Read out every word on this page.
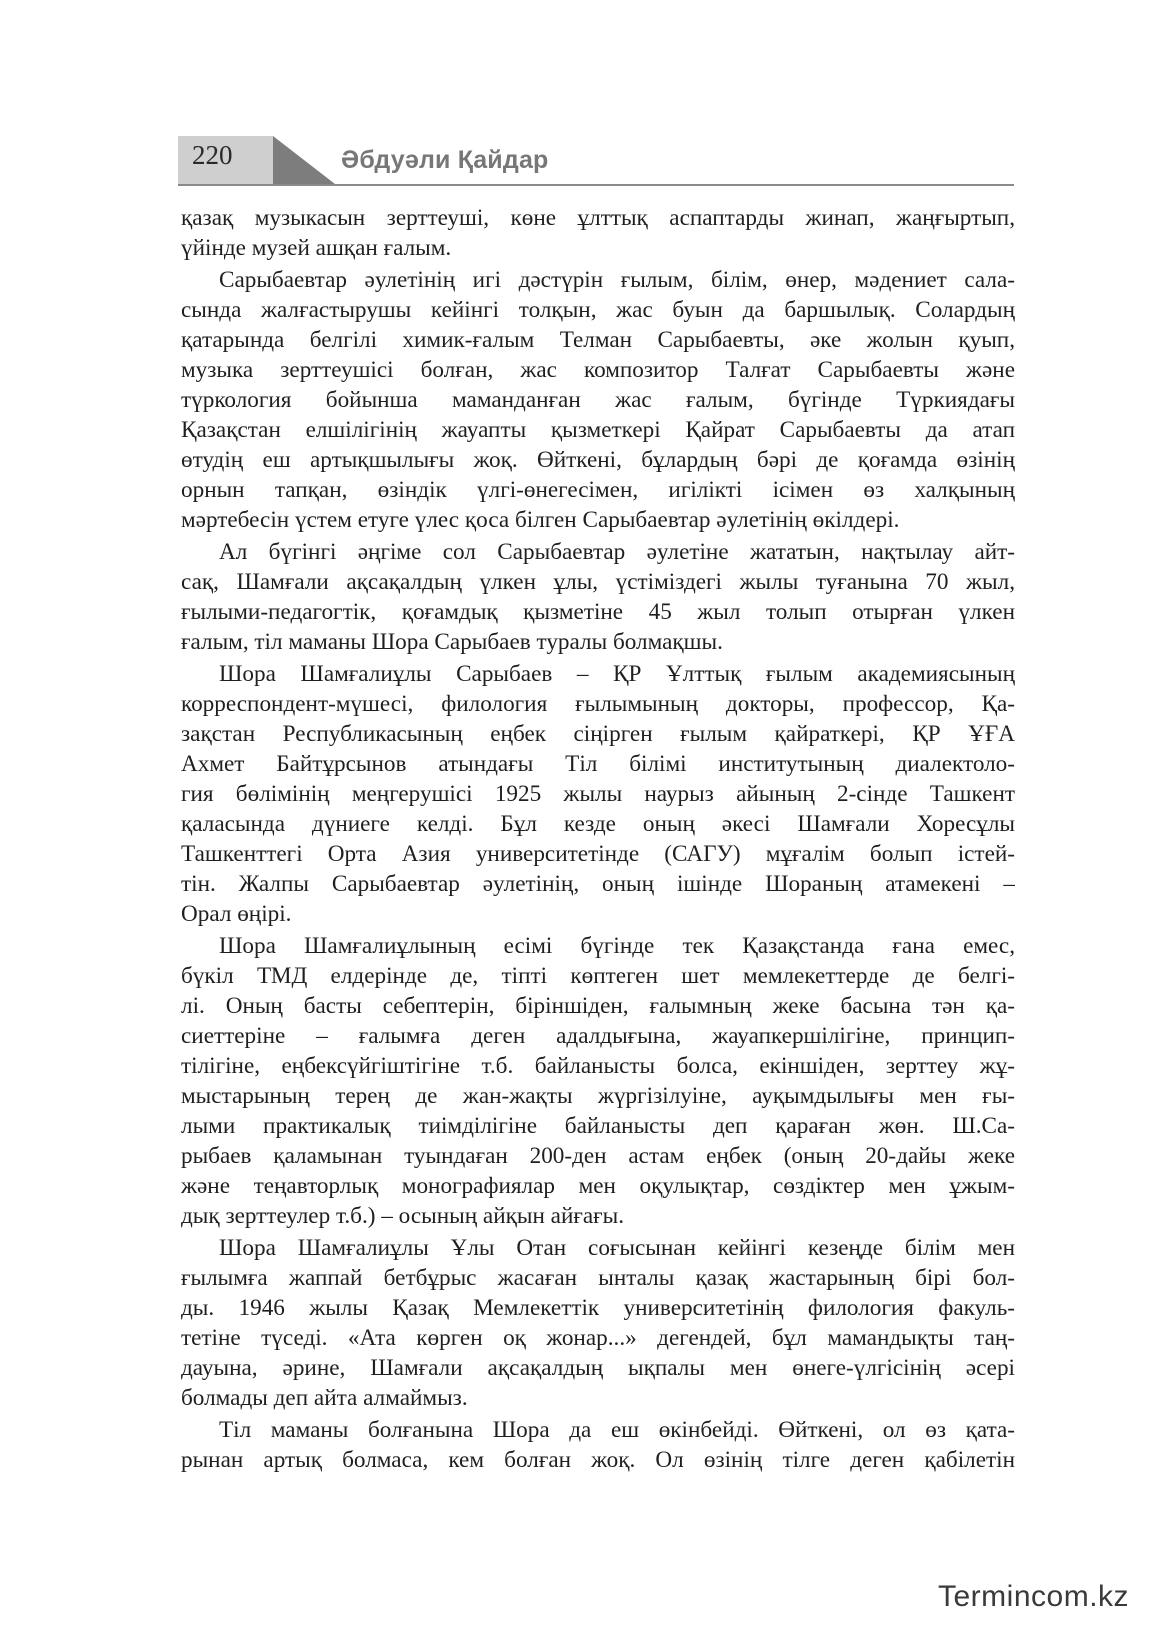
220	Әбдуәли Қайдар
қазақ музыкасын зерттеуші, көне ұлттық аспаптарды жинап, жаңғыртып,
үйінде музей ашқан ғалым.
Сарыбаевтар әулетінің игі дәстүрін ғылым, білім, өнер, мәдениет сала-
сында жалғастырушы кейінгі толқын, жас буын да баршылық. Солардың
қатарында белгілі химик-ғалым Телман Сарыбаевты, әке жолын қуып,
музыка зерттеушісі болған, жас композитор Талғат Сарыбаевты және
түркология бойынша маманданған жас ғалым, бүгінде Түркиядағы
Қазақстан елшілігінің жауапты қызметкері Қайрат Сарыбаевты да атап
өтудің еш артықшылығы жоқ. Өйткені, бұлардың бәрі де қоғамда өзінің
орнын тапқан, өзіндік үлгі-өнегесімен, игілікті ісімен өз халқының
мәртебесін үстем етуге үлес қоса білген Сарыбаевтар әулетінің өкілдері.
Ал бүгінгі әңгіме сол Сарыбаевтар әулетіне жататын, нақтылау айт-
сақ, Шамғали ақсақалдың үлкен ұлы, үстіміздегі жылы туғанына 70 жыл,
ғылыми-педагогтік, қоғамдық қызметіне 45 жыл толып отырған үлкен
ғалым, тіл маманы Шора Сарыбаев туралы болмақшы.
Шора Шамғалиұлы Сарыбаев – ҚР Ұлттық ғылым академиясының
корреспондент-мүшесі, филология ғылымының докторы, профессор, Қа-
зақстан Республикасының еңбек сіңірген ғылым қайраткері, ҚР ҰҒА
Ахмет Байтұрсынов атындағы Тіл білімі институтының диалектоло-
гия бөлімінің меңгерушісі 1925 жылы наурыз айының 2-сінде Ташкент
қаласында дүниеге келді. Бұл кезде оның әкесі Шамғали Хоресұлы
Ташкенттегі Орта Азия университетінде (САГУ) мұғалім болып істей-
тін. Жалпы Сарыбаевтар әулетінің, оның ішінде Шораның атамекені –
Орал өңірі.
Шора Шамғалиұлының есімі бүгінде тек Қазақстанда ғана емес,
бүкіл ТМД елдерінде де, тіпті көптеген шет мемлекеттерде де белгі-
лі. Оның басты себептерін, біріншіден, ғалымның жеке басына тән қа-
сиеттеріне – ғалымға деген адалдығына, жауапкершілігіне, принцип-
тілігіне, еңбексүйгіштігіне т.б. байланысты болса, екіншіден, зерттеу жұ-
мыстарының терең де жан-жақты жүргізілуіне, ауқымдылығы мен ғы-
лыми практикалық тиімділігіне байланысты деп қараған жөн. Ш.Са-
рыбаев қаламынан туындаған 200-ден астам еңбек (оның 20-дайы жеке
және теңавторлық монографиялар мен оқулықтар, сөздіктер мен ұжым-
дық зерттеулер т.б.) – осының айқын айғағы.
Шора Шамғалиұлы Ұлы Отан соғысынан кейінгі кезеңде білім мен
ғылымға жаппай бетбұрыс жасаған ынталы қазақ жастарының бірі бол-
ды. 1946 жылы Қазақ Мемлекеттік университетінің филология факуль-
тетіне түседі. «Ата көрген оқ жонар...» дегендей, бұл мамандықты таң-
дауына, әрине, Шамғали ақсақалдың ықпалы мен өнеге-үлгісінің әсері
болмады деп айта алмаймыз.
Тіл маманы болғанына Шора да еш өкінбейді. Өйткені, ол өз қата-
рынан артық болмаса, кем болған жоқ. Ол өзінің тілге деген қабілетін
Termincom.kz
